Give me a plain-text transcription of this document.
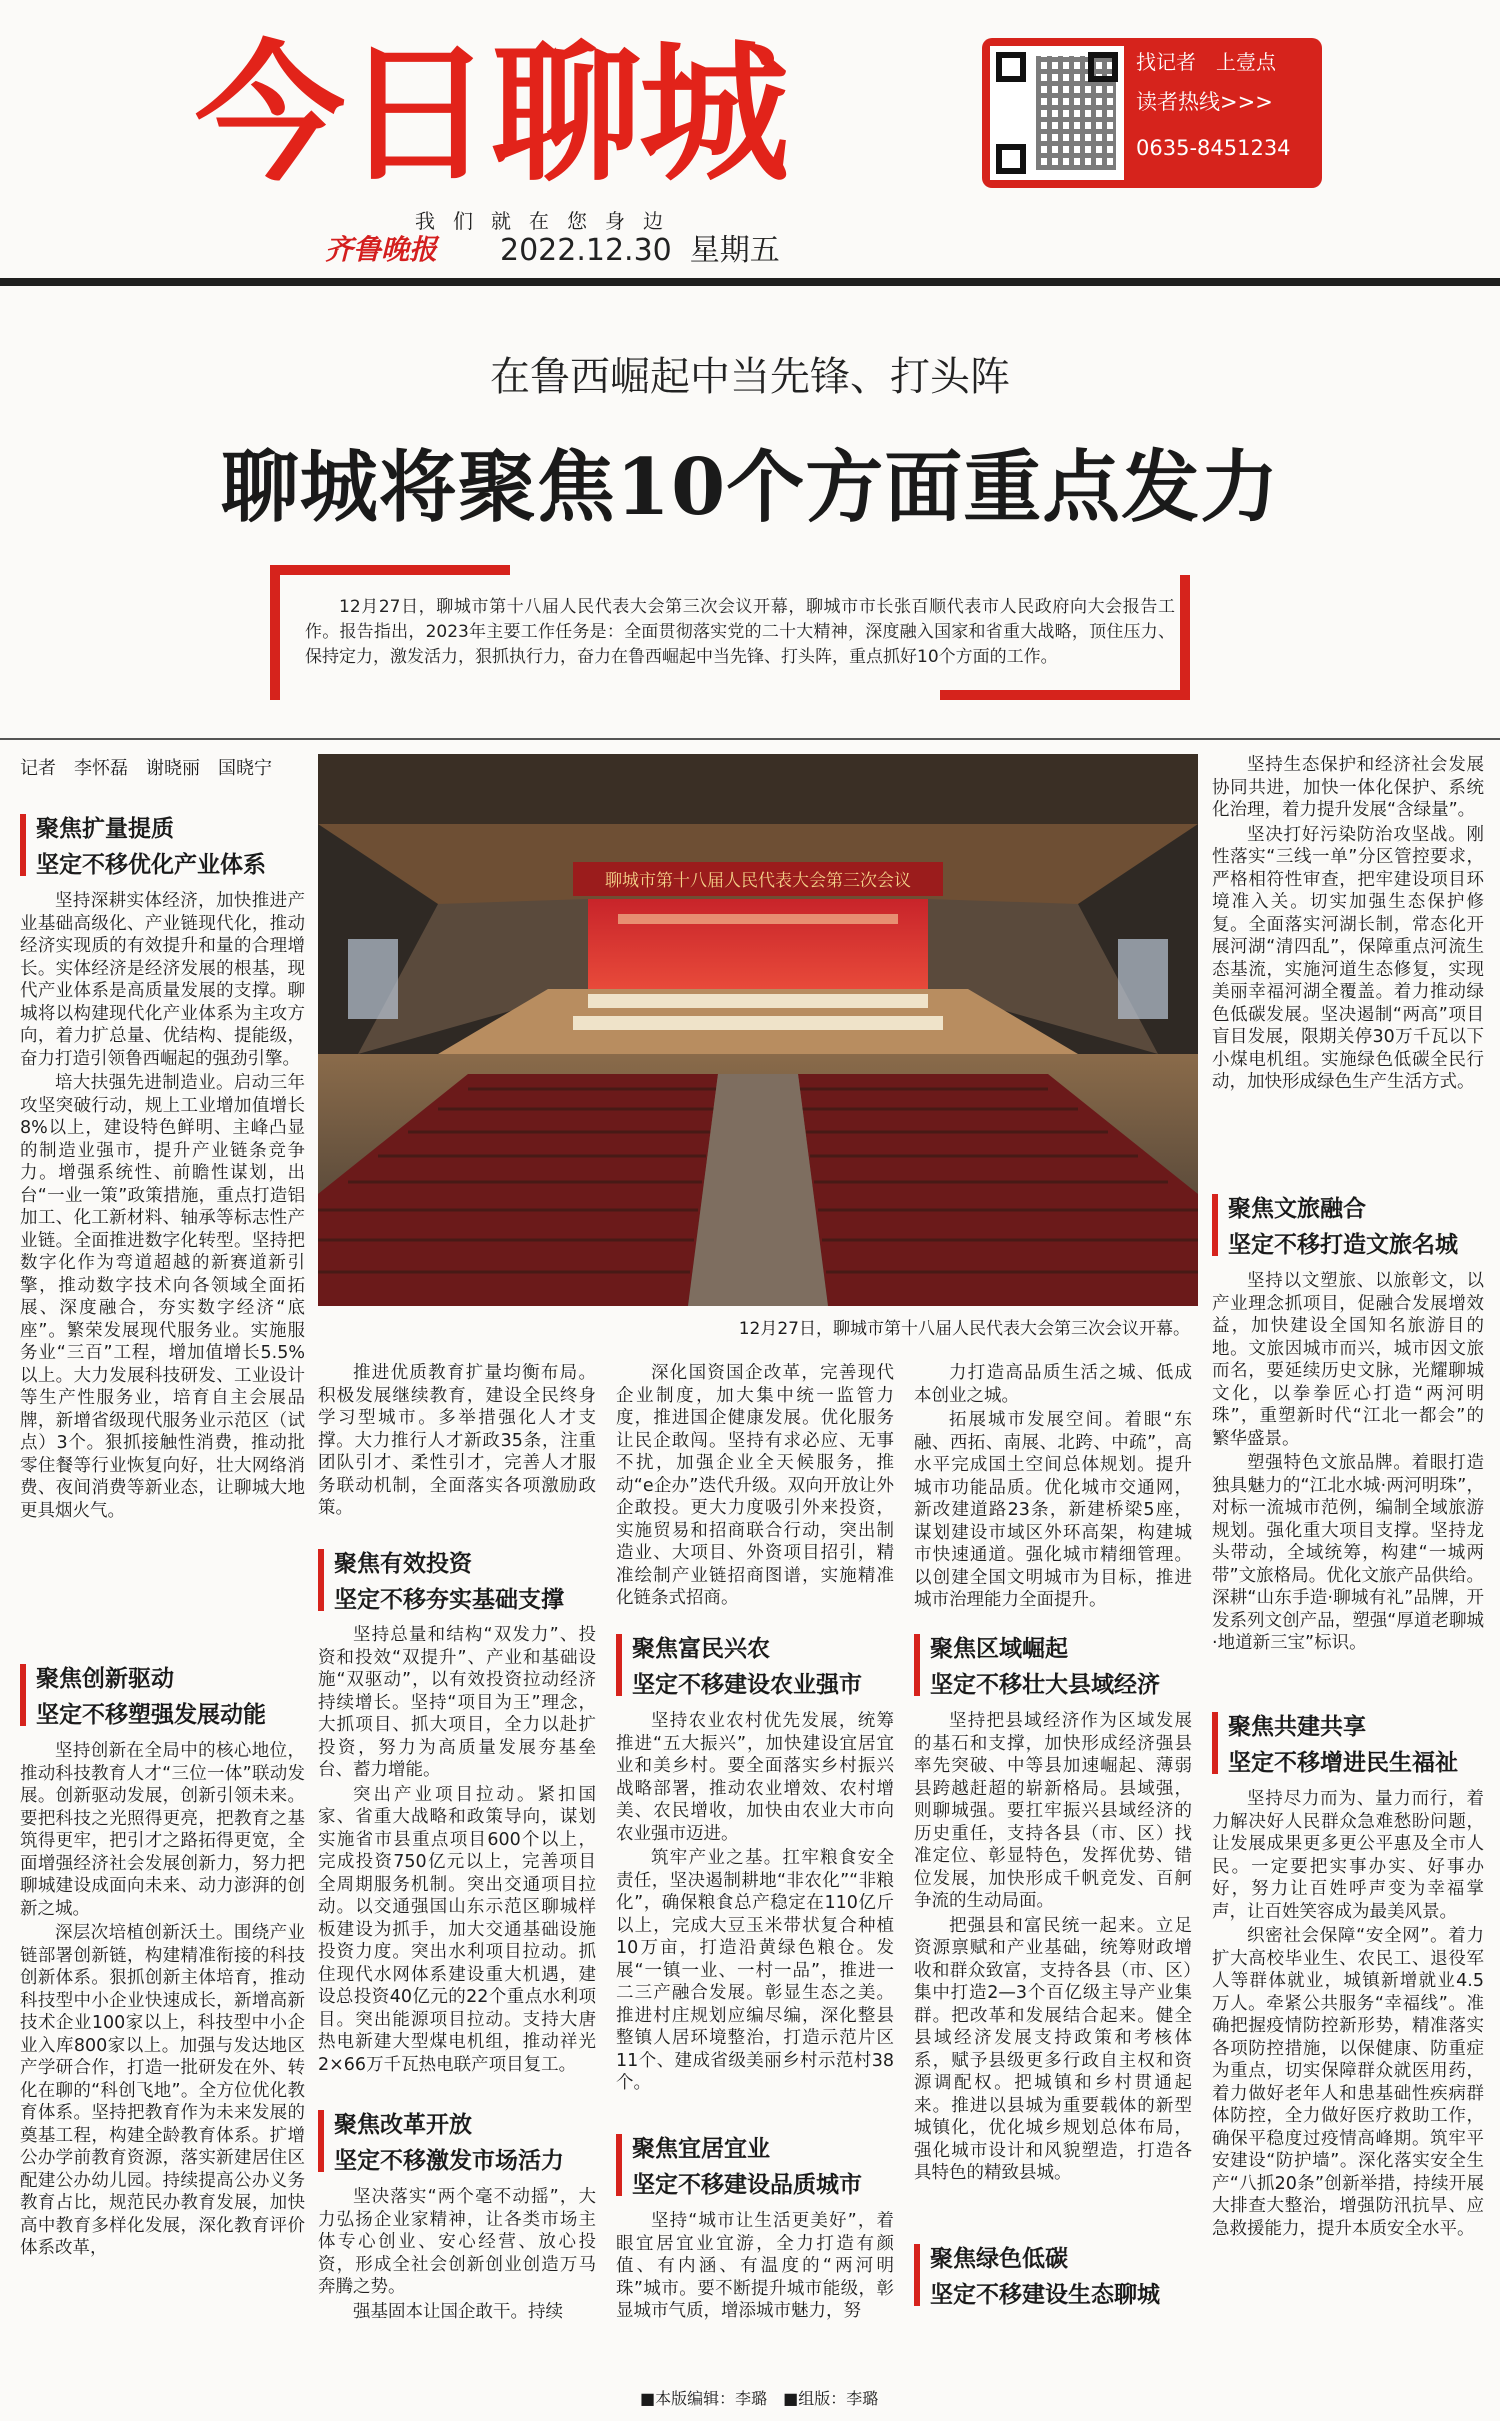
今日聊城
我们就在您身边
齐鲁晚报 2022.12.30 星期五
找记者　上壹点
读者热线>>>
0635-8451234
在鲁西崛起中当先锋、打头阵
聊城将聚焦10个方面重点发力
12月27日，聊城市第十八届人民代表大会第三次会议开幕，聊城市市长张百顺代表市人民政府向大会报告工作。报告指出，2023年主要工作任务是：全面贯彻落实党的二十大精神，深度融入国家和省重大战略，顶住压力、保持定力，激发活力，狠抓执行力，奋力在鲁西崛起中当先锋、打头阵，重点抓好10个方面的工作。
记者　李怀磊　谢晓丽　国晓宁
聚焦扩量提质
坚定不移优化产业体系

坚持深耕实体经济，加快推进产业基础高级化、产业链现代化，推动经济实现质的有效提升和量的合理增长。实体经济是经济发展的根基，现代产业体系是高质量发展的支撑。聊城将以构建现代化产业体系为主攻方向，着力扩总量、优结构、提能级，奋力打造引领鲁西崛起的强劲引擎。

培大扶强先进制造业。启动三年攻坚突破行动，规上工业增加值增长8%以上，建设特色鲜明、主峰凸显的制造业强市，提升产业链条竞争力。增强系统性、前瞻性谋划，出台“一业一策”政策措施，重点打造铝加工、化工新材料、轴承等标志性产业链。全面推进数字化转型。坚持把数字化作为弯道超越的新赛道新引擎，推动数字技术向各领域全面拓展、深度融合，夯实数字经济“底座”。繁荣发展现代服务业。实施服务业“三百”工程，增加值增长5.5%以上。大力发展科技研发、工业设计等生产性服务业，培育自主会展品牌，新增省级现代服务业示范区（试点）3个。狠抓接触性消费，推动批零住餐等行业恢复向好，壮大网络消费、夜间消费等新业态，让聊城大地更具烟火气。

聚焦创新驱动
坚定不移塑强发展动能

坚持创新在全局中的核心地位，推动科技教育人才“三位一体”联动发展。创新驱动发展，创新引领未来。要把科技之光照得更亮，把教育之基筑得更牢，把引才之路拓得更宽，全面增强经济社会发展创新力，努力把聊城建设成面向未来、动力澎湃的创新之城。

深层次培植创新沃土。围绕产业链部署创新链，构建精准衔接的科技创新体系。狠抓创新主体培育，推动科技型中小企业快速成长，新增高新技术企业100家以上，科技型中小企业入库800家以上。加强与发达地区产学研合作，打造一批研发在外、转化在聊的“科创飞地”。全方位优化教育体系。坚持把教育作为未来发展的奠基工程，构建全龄教育体系。扩增公办学前教育资源，落实新建居住区配建公办幼儿园。持续提高公办义务教育占比，规范民办教育发展，加快高中教育多样化发展，深化教育评价体系改革，

聊城市第十八届人民代表大会第三次会议
12月27日，聊城市第十八届人民代表大会第三次会议开幕。

推进优质教育扩量均衡布局。积极发展继续教育，建设全民终身学习型城市。多举措强化人才支撑。大力推行人才新政35条，注重团队引才、柔性引才，完善人才服务联动机制，全面落实各项激励政策。

聚焦有效投资
坚定不移夯实基础支撑

坚持总量和结构“双发力”、投资和投效“双提升”、产业和基础设施“双驱动”，以有效投资拉动经济持续增长。坚持“项目为王”理念，大抓项目、抓大项目，全力以赴扩投资，努力为高质量发展夯基垒台、蓄力增能。

突出产业项目拉动。紧扣国家、省重大战略和政策导向，谋划实施省市县重点项目600个以上，完成投资750亿元以上，完善项目全周期服务机制。突出交通项目拉动。以交通强国山东示范区聊城样板建设为抓手，加大交通基础设施投资力度。突出水利项目拉动。抓住现代水网体系建设重大机遇，建设总投资40亿元的22个重点水利项目。突出能源项目拉动。支持大唐热电新建大型煤电机组，推动祥光2×66万千瓦热电联产项目复工。

聚焦改革开放
坚定不移激发市场活力

坚决落实“两个毫不动摇”，大力弘扬企业家精神，让各类市场主体专心创业、安心经营、放心投资，形成全社会创新创业创造万马奔腾之势。

强基固本让国企敢干。持续

深化国资国企改革，完善现代企业制度，加大集中统一监管力度，推进国企健康发展。优化服务让民企敢闯。坚持有求必应、无事不扰，加强企业全天候服务，推动“e企办”迭代升级。双向开放让外企敢投。更大力度吸引外来投资，实施贸易和招商联合行动，突出制造业、大项目、外资项目招引，精准绘制产业链招商图谱，实施精准化链条式招商。

聚焦富民兴农
坚定不移建设农业强市

坚持农业农村优先发展，统筹推进“五大振兴”，加快建设宜居宜业和美乡村。要全面落实乡村振兴战略部署，推动农业增效、农村增美、农民增收，加快由农业大市向农业强市迈进。

筑牢产业之基。扛牢粮食安全责任，坚决遏制耕地“非农化”“非粮化”，确保粮食总产稳定在110亿斤以上，完成大豆玉米带状复合种植10万亩，打造沿黄绿色粮仓。发展“一镇一业、一村一品”，推进一二三产融合发展。彰显生态之美。推进村庄规划应编尽编，深化整县整镇人居环境整治，打造示范片区11个、建成省级美丽乡村示范村38个。

聚焦宜居宜业
坚定不移建设品质城市

坚持“城市让生活更美好”，着眼宜居宜业宜游，全力打造有颜值、有内涵、有温度的“两河明珠”城市。要不断提升城市能级，彰显城市气质，增添城市魅力，努

力打造高品质生活之城、低成本创业之城。

拓展城市发展空间。着眼“东融、西拓、南展、北跨、中疏”，高水平完成国土空间总体规划。提升城市功能品质。优化城市交通网，新改建道路23条，新建桥梁5座，谋划建设市域区外环高架，构建城市快速通道。强化城市精细管理。以创建全国文明城市为目标，推进城市治理能力全面提升。

聚焦区域崛起
坚定不移壮大县域经济

坚持把县域经济作为区域发展的基石和支撑，加快形成经济强县率先突破、中等县加速崛起、薄弱县跨越赶超的崭新格局。县域强，则聊城强。要扛牢振兴县域经济的历史重任，支持各县（市、区）找准定位、彰显特色，发挥优势、错位发展，加快形成千帆竞发、百舸争流的生动局面。

把强县和富民统一起来。立足资源禀赋和产业基础，统筹财政增收和群众致富，支持各县（市、区）集中打造2—3个百亿级主导产业集群。把改革和发展结合起来。健全县域经济发展支持政策和考核体系，赋予县级更多行政自主权和资源调配权。把城镇和乡村贯通起来。推进以县城为重要载体的新型城镇化，优化城乡规划总体布局，强化城市设计和风貌塑造，打造各具特色的精致县城。

聚焦绿色低碳
坚定不移建设生态聊城

坚持生态保护和经济社会发展协同共进，加快一体化保护、系统化治理，着力提升发展“含绿量”。

坚决打好污染防治攻坚战。刚性落实“三线一单”分区管控要求，严格相符性审查，把牢建设项目环境准入关。切实加强生态保护修复。全面落实河湖长制，常态化开展河湖“清四乱”，保障重点河流生态基流，实施河道生态修复，实现美丽幸福河湖全覆盖。着力推动绿色低碳发展。坚决遏制“两高”项目盲目发展，限期关停30万千瓦以下小煤电机组。实施绿色低碳全民行动，加快形成绿色生产生活方式。

聚焦文旅融合
坚定不移打造文旅名城

坚持以文塑旅、以旅彰文，以产业理念抓项目，促融合发展增效益，加快建设全国知名旅游目的地。文旅因城市而兴，城市因文旅而名，要延续历史文脉，光耀聊城文化，以拳拳匠心打造“两河明珠”，重塑新时代“江北一都会”的繁华盛景。

塑强特色文旅品牌。着眼打造独具魅力的“江北水城·两河明珠”，对标一流城市范例，编制全域旅游规划。强化重大项目支撑。坚持龙头带动，全域统筹，构建“一城两带”文旅格局。优化文旅产品供给。深耕“山东手造·聊城有礼”品牌，开发系列文创产品，塑强“厚道老聊城·地道新三宝”标识。

聚焦共建共享
坚定不移增进民生福祉

坚持尽力而为、量力而行，着力解决好人民群众急难愁盼问题，让发展成果更多更公平惠及全市人民。一定要把实事办实、好事办好，努力让百姓呼声变为幸福掌声，让百姓笑容成为最美风景。

织密社会保障“安全网”。着力扩大高校毕业生、农民工、退役军人等群体就业，城镇新增就业4.5万人。牵紧公共服务“幸福线”。准确把握疫情防控新形势，精准落实各项防控措施，以保健康、防重症为重点，切实保障群众就医用药，着力做好老年人和患基础性疾病群体防控，全力做好医疗救助工作，确保平稳度过疫情高峰期。筑牢平安建设“防护墙”。深化落实安全生产“八抓20条”创新举措，持续开展大排查大整治，增强防汛抗旱、应急救援能力，提升本质安全水平。

■本版编辑：李璐　■组版：李璐
